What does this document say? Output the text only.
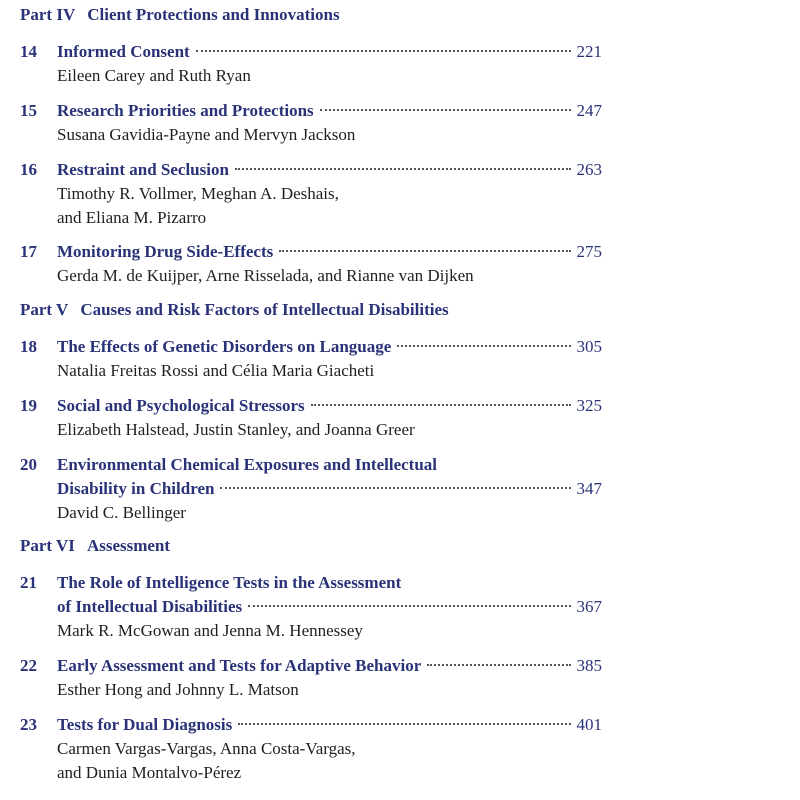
Part IV Client Protections and Innovations
14 Informed Consent	221
Eileen Carey and Ruth Ryan
15 Research Priorities and Protections	247
Susana Gavidia-Payne and Mervyn Jackson
16 Restraint and Seclusion	263
Timothy R. Vollmer, Meghan A. Deshais,
and Eliana M. Pizarro
17 Monitoring Drug Side-Effects	275
Gerda M. de Kuijper, Arne Risselada, and Rianne van Dijken
Part V Causes and Risk Factors of Intellectual Disabilities
18 The Effects of Genetic Disorders on Language	305
Natalia Freitas Rossi and Célia Maria Giacheti
19 Social and Psychological Stressors	325
Elizabeth Halstead, Justin Stanley, and Joanna Greer
20 Environmental Chemical Exposures and Intellectual
Disability in Children	347
David C. Bellinger
Part VI Assessment
21 The Role of Intelligence Tests in the Assessment
of Intellectual Disabilities	367
Mark R. McGowan and Jenna M. Hennessey
22 Early Assessment and Tests for Adaptive Behavior	385
Esther Hong and Johnny L. Matson
23 Tests for Dual Diagnosis	401
Carmen Vargas-Vargas, Anna Costa-Vargas,
and Dunia Montalvo-Pérez
